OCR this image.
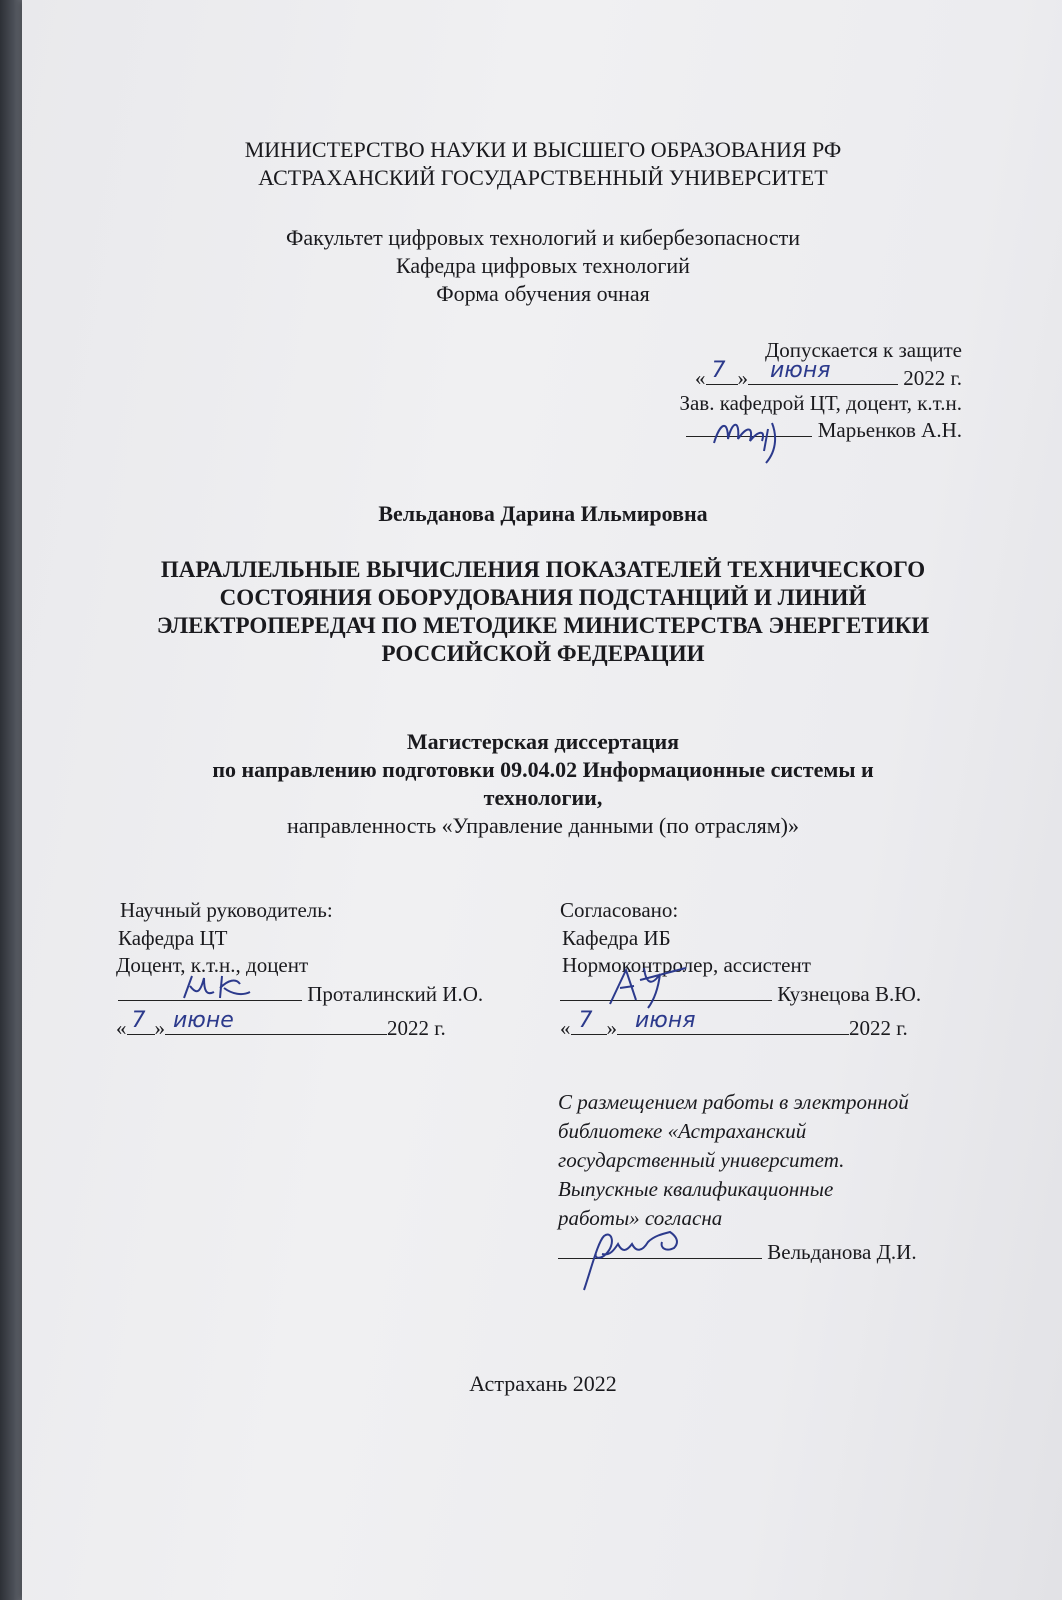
МИНИСТЕРСТВО НАУКИ И ВЫСШЕГО ОБРАЗОВАНИЯ РФ
АСТРАХАНСКИЙ ГОСУДАРСТВЕННЫЙ УНИВЕРСИТЕТ
Факультет цифровых технологий и кибербезопасности
Кафедра цифровых технологий
Форма обучения очная
Допускается к защите
« 7 » июня	2022 г.
Зав. кафедрой ЦТ, доцент, к.т.н.
Марьенков А.Н.
Вельданова Дарина Ильмировна
ПАРАЛЛЕЛЬНЫЕ ВЫЧИСЛЕНИЯ ПОКАЗАТЕЛЕЙ ТЕХНИЧЕСКОГО
СОСТОЯНИЯ ОБОРУДОВАНИЯ ПОДСТАНЦИЙ И ЛИНИЙ
ЭЛЕКТРОПЕРЕДАЧ ПО МЕТОДИКЕ МИНИСТЕРСТВА ЭНЕРГЕТИКИ
РОССИЙСКОЙ ФЕДЕРАЦИИ
Магистерская диссертация
по направлению подготовки 09.04.02 Информационные системы и
технологии,
направленность «Управление данными (по отраслям)»
Научный руководитель:
Кафедра ЦТ
Доцент, к.т.н., доцент
Проталинский И.О.
« 7 » июне	2022 г.
Согласовано:
Кафедра ИБ
Нормоконтролер, ассистент
Кузнецова В.Ю.
« 7 » июня	2022 г.
С размещением работы в электронной
библиотеке «Астраханский
государственный университет.
Выпускные квалификационные
работы» согласна
Вельданова Д.И.
Астрахань 2022
